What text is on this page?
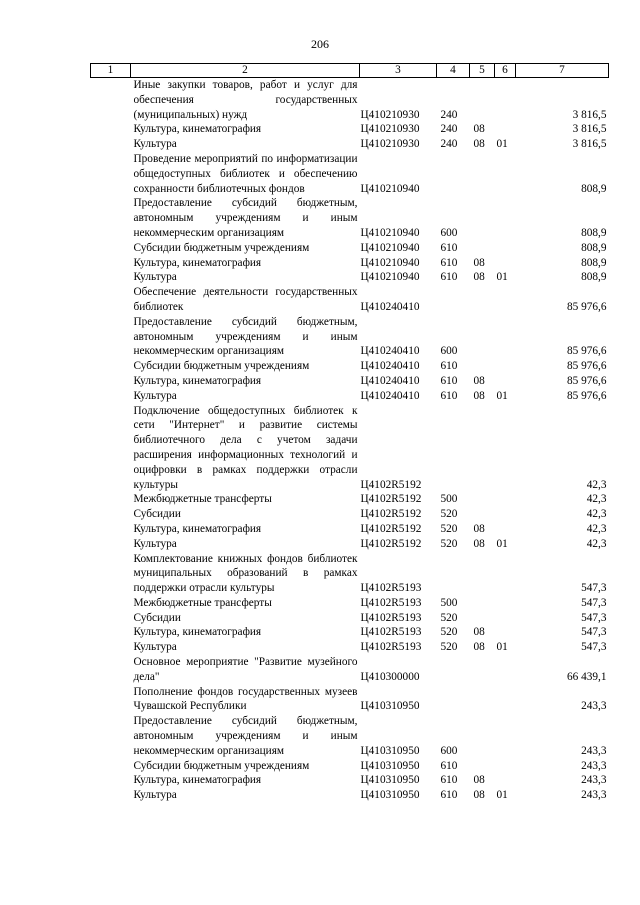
206
1	2	3	4	5	6	7
	Иные закупки товаров, работ и услуг для обеспечения государственных (муниципальных) нужд	Ц410210930	240			3 816,5
	Культура, кинематография	Ц410210930	240	08		3 816,5
	Культура	Ц410210930	240	08	01	3 816,5
	Проведение мероприятий по информатизации общедоступных библиотек и обеспечению сохранности библиотечных фондов	Ц410210940				808,9
	Предоставление субсидий бюджетным, автономным учреждениям и иным некоммерческим организациям	Ц410210940	600			808,9
	Субсидии бюджетным учреждениям	Ц410210940	610			808,9
	Культура, кинематография	Ц410210940	610	08		808,9
	Культура	Ц410210940	610	08	01	808,9
	Обеспечение деятельности государственных библиотек	Ц410240410				85 976,6
	Предоставление субсидий бюджетным, автономным учреждениям и иным некоммерческим организациям	Ц410240410	600			85 976,6
	Субсидии бюджетным учреждениям	Ц410240410	610			85 976,6
	Культура, кинематография	Ц410240410	610	08		85 976,6
	Культура	Ц410240410	610	08	01	85 976,6
	Подключение общедоступных библиотек к сети "Интернет" и развитие системы библиотечного дела с учетом задачи расширения информационных технологий и оцифровки в рамках поддержки отрасли культуры	Ц4102R5192				42,3
	Межбюджетные трансферты	Ц4102R5192	500			42,3
	Субсидии	Ц4102R5192	520			42,3
	Культура, кинематография	Ц4102R5192	520	08		42,3
	Культура	Ц4102R5192	520	08	01	42,3
	Комплектование книжных фондов библиотек муниципальных образований в рамках поддержки отрасли культуры	Ц4102R5193				547,3
	Межбюджетные трансферты	Ц4102R5193	500			547,3
	Субсидии	Ц4102R5193	520			547,3
	Культура, кинематография	Ц4102R5193	520	08		547,3
	Культура	Ц4102R5193	520	08	01	547,3
	Основное мероприятие "Развитие музейного дела"	Ц410300000				66 439,1
	Пополнение фондов государственных музеев Чувашской Республики	Ц410310950				243,3
	Предоставление субсидий бюджетным, автономным учреждениям и иным некоммерческим организациям	Ц410310950	600			243,3
	Субсидии бюджетным учреждениям	Ц410310950	610			243,3
	Культура, кинематография	Ц410310950	610	08		243,3
	Культура	Ц410310950	610	08	01	243,3
